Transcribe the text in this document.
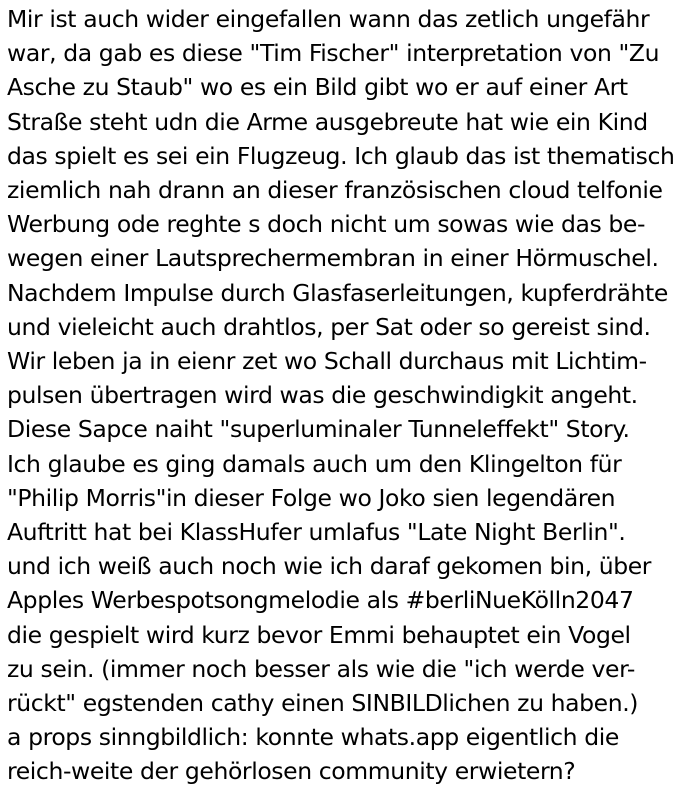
Mir ist auch wider eingefallen wann das zetlich ungefähr
war, da gab es diese "Tim Fischer" interpretation von "Zu
Asche zu Staub" wo es ein Bild gibt wo er auf einer Art
Straße steht udn die Arme ausgebreute hat wie ein Kind
das spielt es sei ein Flugzeug. Ich glaub das ist thematisch
ziemlich nah drann an dieser französischen cloud telfonie
Werbung ode reghte s doch nicht um sowas wie das be-
wegen einer Lautsprechermembran in einer Hörmuschel.
Nachdem Impulse durch Glasfaserleitungen, kupferdrähte
und vieleicht auch drahtlos, per Sat oder so gereist sind.
Wir leben ja in eienr zet wo Schall durchaus mit Lichtim-
pulsen übertragen wird was die geschwindigkit angeht.
Diese Sapce naiht "superluminaler Tunneleffekt" Story.
Ich glaube es ging damals auch um den Klingelton für
"Philip Morris"in dieser Folge wo Joko sien legendären
Auftritt hat bei KlassHufer umlafus "Late Night Berlin".
und ich weiß auch noch wie ich daraf gekomen bin, über
Apples Werbespotsongmelodie als #berliNueKölln2047
die gespielt wird kurz bevor Emmi behauptet ein Vogel
zu sein. (immer noch besser als wie die "ich werde ver-
rückt" egstenden cathy einen SINBILDlichen zu haben.)
a props sinngbildlich: konnte whats.app eigentlich die
reich-weite der gehörlosen community erwietern?
